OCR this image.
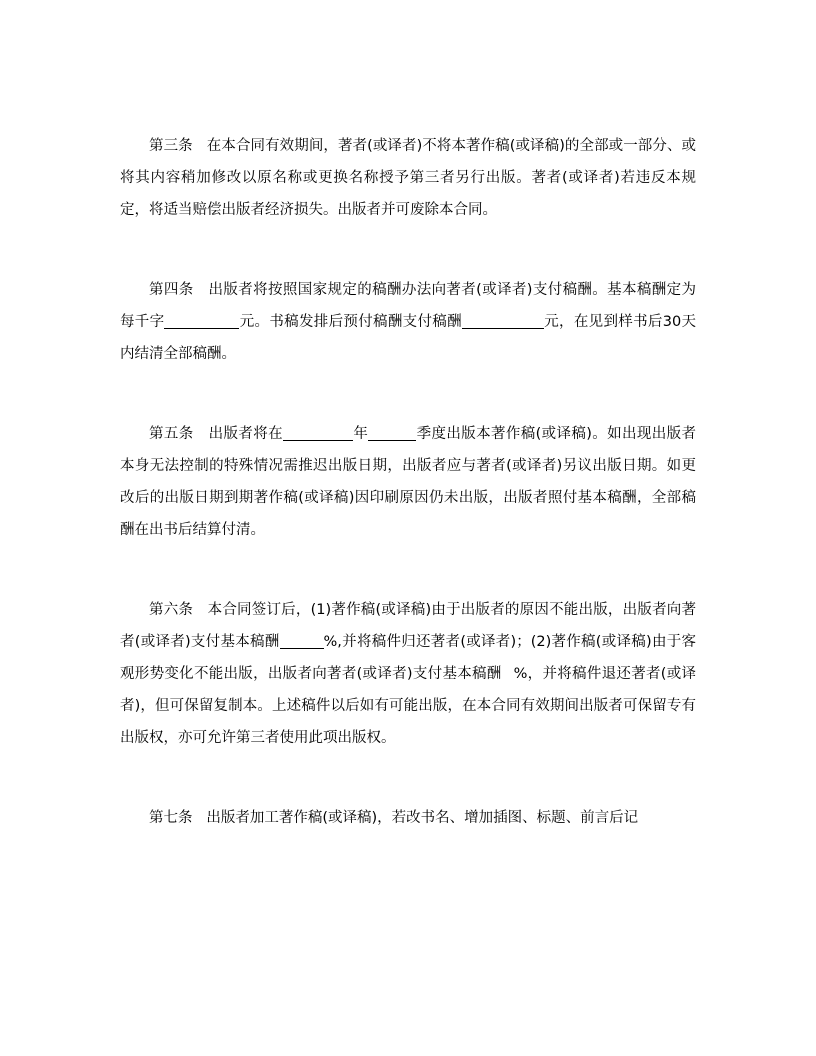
第三条 在本合同有效期间，著者(或译者)不将本著作稿(或译稿)的全部或一部分、或将其内容稍加修改以原名称或更换名称授予第三者另行出版。著者(或译者)若违反本规定，将适当赔偿出版者经济损失。出版者并可废除本合同。

第四条 出版者将按照国家规定的稿酬办法向著者(或译者)支付稿酬。基本稿酬定为每千字	元。书稿发排后预付稿酬支付稿酬	元，在见到样书后30天内结清全部稿酬。

第五条 出版者将在	年	季度出版本著作稿(或译稿)。如出现出版者本身无法控制的特殊情况需推迟出版日期，出版者应与著者(或译者)另议出版日期。如更改后的出版日期到期著作稿(或译稿)因印刷原因仍未出版，出版者照付基本稿酬，全部稿酬在出书后结算付清。

第六条 本合同签订后，(1)著作稿(或译稿)由于出版者的原因不能出版，出版者向著者(或译者)支付基本稿酬	%,并将稿件归还著者(或译者)；(2)著作稿(或译稿)由于客观形势变化不能出版，出版者向著者(或译者)支付基本稿酬 %，并将稿件退还著者(或译者)，但可保留复制本。上述稿件以后如有可能出版，在本合同有效期间出版者可保留专有出版权，亦可允许第三者使用此项出版权。

第七条 出版者加工著作稿(或译稿)，若改书名、增加插图、标题、前言后记
